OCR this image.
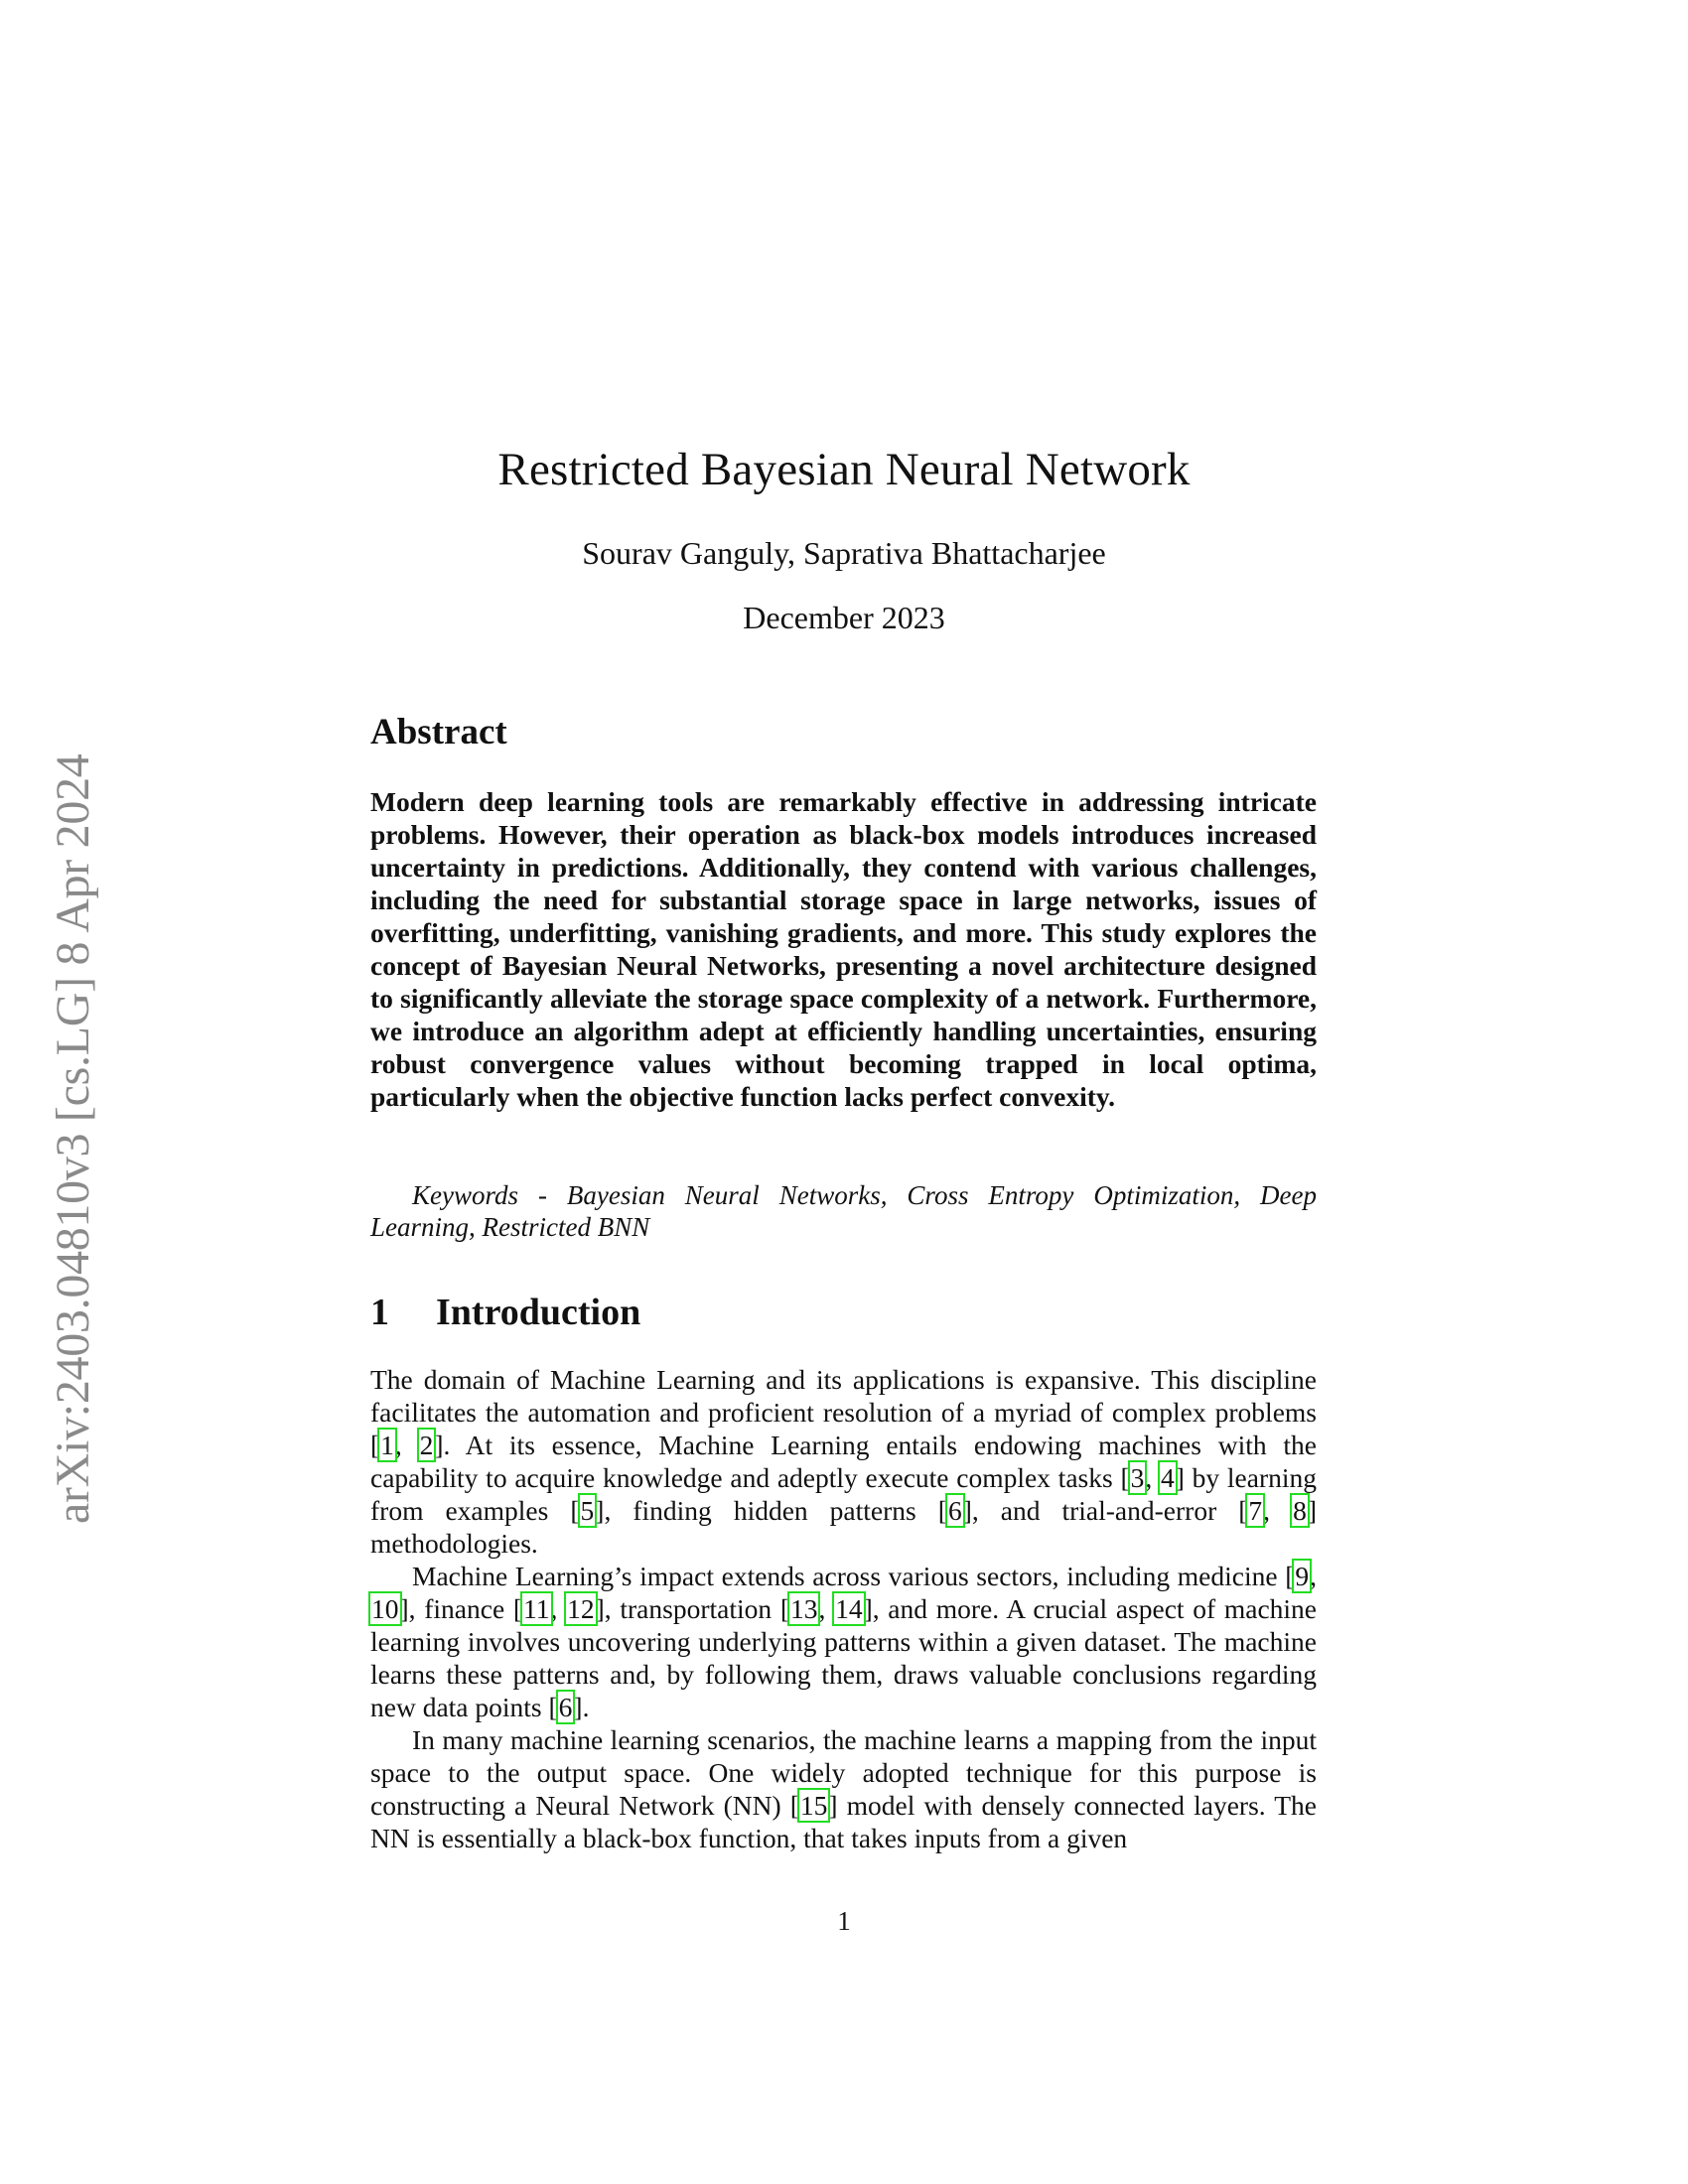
arXiv:2403.04810v3 [cs.LG] 8 Apr 2024
Restricted Bayesian Neural Network
Sourav Ganguly, Saprativa Bhattacharjee
December 2023
Abstract
Modern deep learning tools are remarkably effective in addressing intricate problems. However, their operation as black-box models introduces increased uncertainty in predictions. Additionally, they contend with various challenges, including the need for substantial storage space in large networks, issues of overfitting, underfitting, vanishing gradients, and more. This study explores the concept of Bayesian Neural Networks, presenting a novel architecture designed to significantly alleviate the storage space complexity of a network. Furthermore, we introduce an algorithm adept at efficiently handling uncertainties, ensuring robust convergence values without becoming trapped in local optima, particularly when the objective function lacks perfect convexity.
Keywords - Bayesian Neural Networks, Cross Entropy Optimization, Deep Learning, Restricted BNN
1 Introduction

The domain of Machine Learning and its applications is expansive. This discipline facilitates the automation and proficient resolution of a myriad of complex problems [1, 2]. At its essence, Machine Learning entails endowing machines with the capability to acquire knowledge and adeptly execute complex tasks [3, 4] by learning from examples [5], finding hidden patterns [6], and trial-and-error [7, 8] methodologies.

Machine Learning’s impact extends across various sectors, including medicine [9, 10], finance [11, 12], transportation [13, 14], and more. A crucial aspect of machine learning involves uncovering underlying patterns within a given dataset. The machine learns these patterns and, by following them, draws valuable conclusions regarding new data points [6].

In many machine learning scenarios, the machine learns a mapping from the input space to the output space. One widely adopted technique for this purpose is constructing a Neural Network (NN) [15] model with densely connected layers. The NN is essentially a black-box function, that takes inputs from a given

1
